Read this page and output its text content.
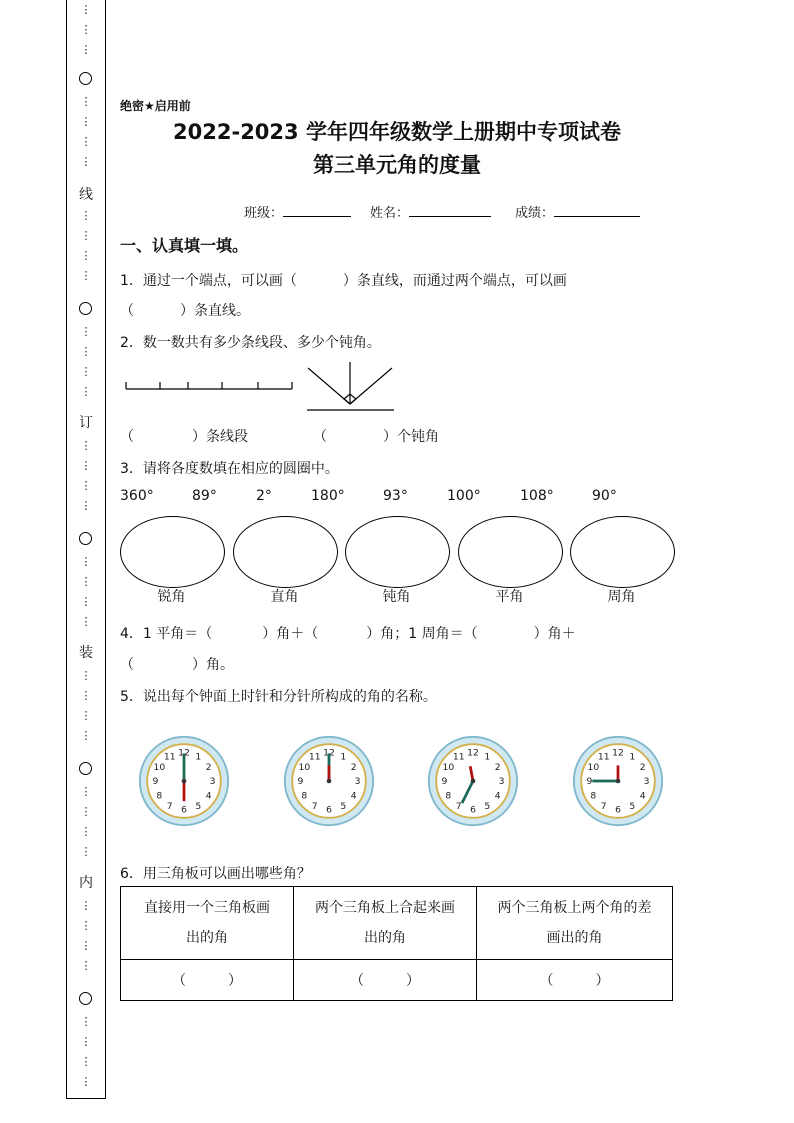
⋮
⋮
⋮
⋮
⋮
⋮
⋮
线
⋮
⋮
⋮
⋮
⋮
⋮
⋮
⋮
订
⋮
⋮
⋮
⋮
⋮
⋮
⋮
⋮
装
⋮
⋮
⋮
⋮
⋮
⋮
⋮
⋮
内
⋮
⋮
⋮
⋮
⋮
⋮
⋮
⋮
绝密★启用前
2022-2023 学年四年级数学上册期中专项试卷
第三单元角的度量
班级：	姓名：	成绩：
一、认真填一填。
1．通过一个端点，可以画（	）条直线，而通过两个端点，可以画
（	）条直线。
2．数一数共有多少条线段、多少个钝角。
（	）条线段	（	）个钝角
3．请将各度数填在相应的圆圈中。
360°	89°	2°	180°	93°	100°	108°	90°
锐角	直角	钝角	平角	周角
4．1 平角＝（	）角＋（	）角；1 周角＝（	）角＋
（	）角。
5．说出每个钟面上时针和分针所构成的角的名称。
12 1
2
3
4
5
6
7
8
9
10
11	12 1
2
3
4
5
6
7
8
9
10
11	12 1
2
3
4
5
6
7
8
9
10
11	12 1
2
3
4
5
6
7
8
9
10
11
6．用三角板可以画出哪些角？
直接用一个三角板画
出的角	两个三角板上合起来画
出的角	两个三角板上两个角的差
画出的角
（　　　）	（　　　）	（　　　）
